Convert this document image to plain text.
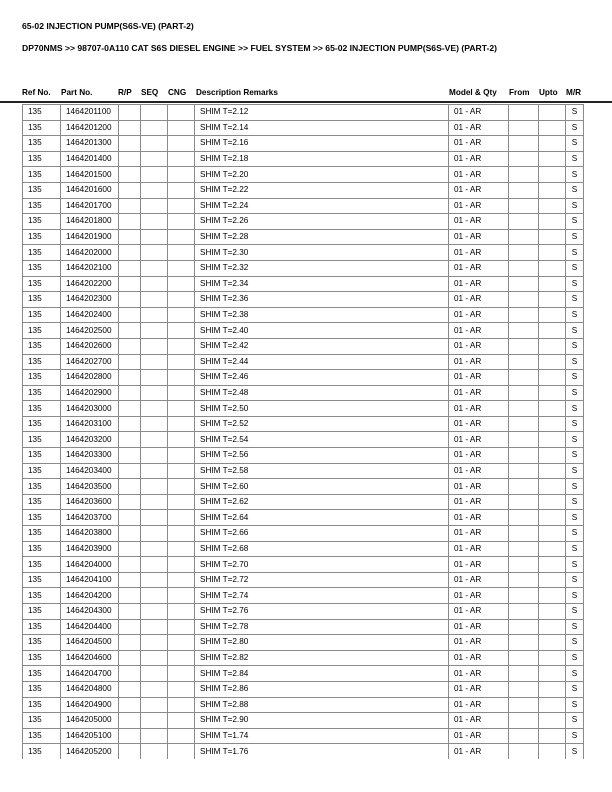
65-02 INJECTION PUMP(S6S-VE) (PART-2)
DP70NMS >> 98707-0A110 CAT S6S DIESEL ENGINE >> FUEL SYSTEM >> 65-02 INJECTION PUMP(S6S-VE) (PART-2)
Ref No. Part No.	R/P SEQ CNG Description Remarks	Model & Qty From Upto M/R
135	1464201100				SHIM T=2.12	01 - AR			S
135	1464201200				SHIM T=2.14	01 - AR			S
135	1464201300				SHIM T=2.16	01 - AR			S
135	1464201400				SHIM T=2.18	01 - AR			S
135	1464201500				SHIM T=2.20	01 - AR			S
135	1464201600				SHIM T=2.22	01 - AR			S
135	1464201700				SHIM T=2.24	01 - AR			S
135	1464201800				SHIM T=2.26	01 - AR			S
135	1464201900				SHIM T=2.28	01 - AR			S
135	1464202000				SHIM T=2.30	01 - AR			S
135	1464202100				SHIM T=2.32	01 - AR			S
135	1464202200				SHIM T=2.34	01 - AR			S
135	1464202300				SHIM T=2.36	01 - AR			S
135	1464202400				SHIM T=2.38	01 - AR			S
135	1464202500				SHIM T=2.40	01 - AR			S
135	1464202600				SHIM T=2.42	01 - AR			S
135	1464202700				SHIM T=2.44	01 - AR			S
135	1464202800				SHIM T=2.46	01 - AR			S
135	1464202900				SHIM T=2.48	01 - AR			S
135	1464203000				SHIM T=2.50	01 - AR			S
135	1464203100				SHIM T=2.52	01 - AR			S
135	1464203200				SHIM T=2.54	01 - AR			S
135	1464203300				SHIM T=2.56	01 - AR			S
135	1464203400				SHIM T=2.58	01 - AR			S
135	1464203500				SHIM T=2.60	01 - AR			S
135	1464203600				SHIM T=2.62	01 - AR			S
135	1464203700				SHIM T=2.64	01 - AR			S
135	1464203800				SHIM T=2.66	01 - AR			S
135	1464203900				SHIM T=2.68	01 - AR			S
135	1464204000				SHIM T=2.70	01 - AR			S
135	1464204100				SHIM T=2.72	01 - AR			S
135	1464204200				SHIM T=2.74	01 - AR			S
135	1464204300				SHIM T=2.76	01 - AR			S
135	1464204400				SHIM T=2.78	01 - AR			S
135	1464204500				SHIM T=2.80	01 - AR			S
135	1464204600				SHIM T=2.82	01 - AR			S
135	1464204700				SHIM T=2.84	01 - AR			S
135	1464204800				SHIM T=2.86	01 - AR			S
135	1464204900				SHIM T=2.88	01 - AR			S
135	1464205000				SHIM T=2.90	01 - AR			S
135	1464205100				SHIM T=1.74	01 - AR			S
135	1464205200				SHIM T=1.76	01 - AR			S
